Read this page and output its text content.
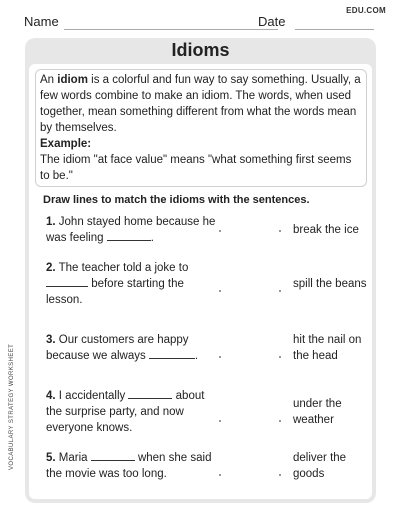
EDU.COM
Name	Date
VOCABULARY STRATEGY WORKSHEET
Idioms

An idiom is a colorful and fun way to say something. Usually, a few words combine to make an idiom. The words, when used together, mean something different from what the words mean by themselves.

Example:

The idiom "at face value" means "what something first seems to be."

Draw lines to match the idioms with the sentences.
1. John stayed home because he was feeling	.
2. The teacher told a joke to  before starting the lesson.
3. Our customers are happy because we always	.
4. I accidentally	about the surprise party, and now everyone knows.
5. Maria	when she said the movie was too long.
break the ice
spill the beans
hit the nail on the head
under the weather
deliver the goods
